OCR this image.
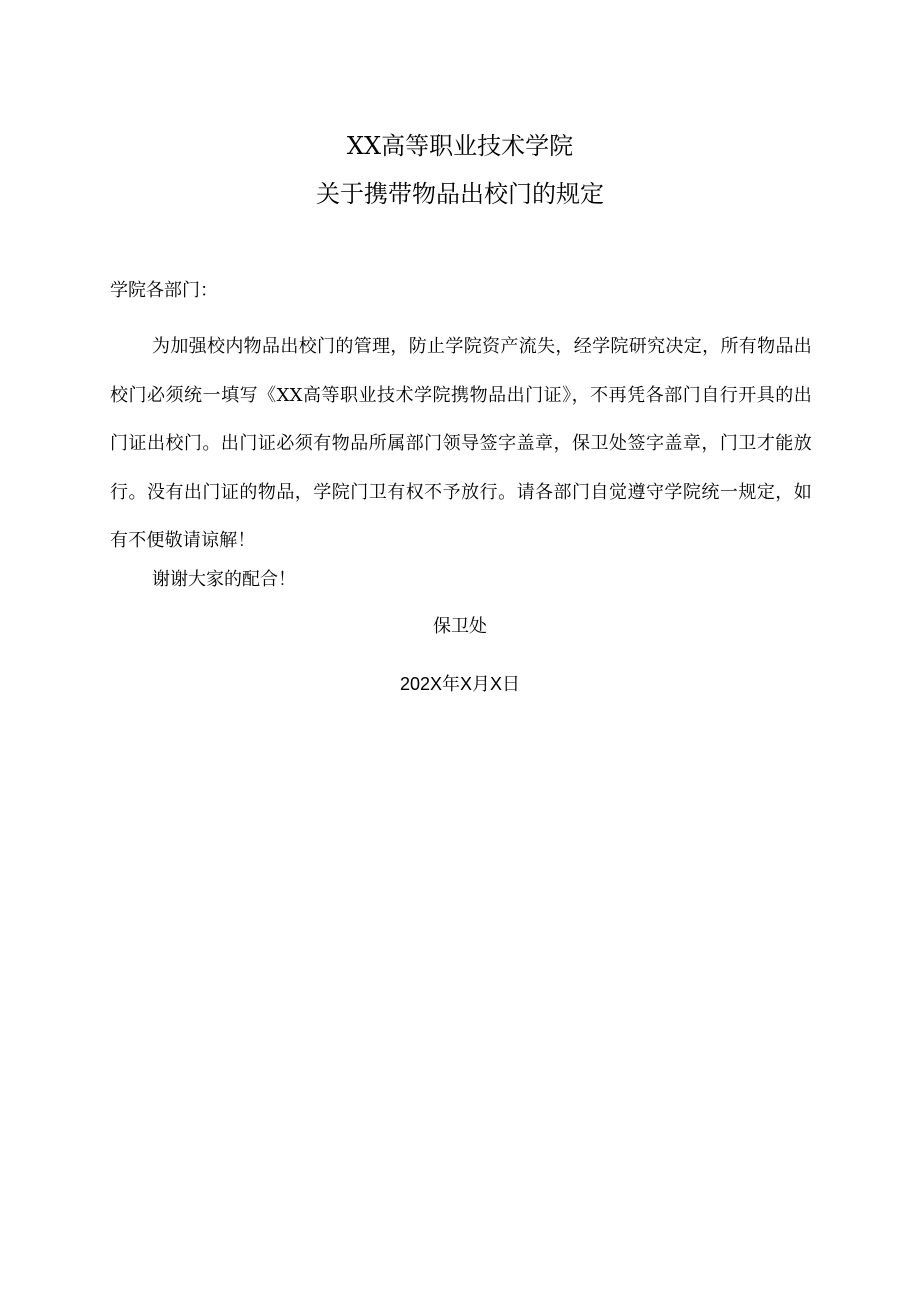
XX高等职业技术学院
关于携带物品出校门的规定
学院各部门：
为加强校内物品出校门的管理，防止学院资产流失，经学院研究决定，所有物品出校门必须统一填写《XX高等职业技术学院携物品出门证》，不再凭各部门自行开具的出门证出校门。出门证必须有物品所属部门领导签字盖章，保卫处签字盖章，门卫才能放行。没有出门证的物品，学院门卫有权不予放行。请各部门自觉遵守学院统一规定，如有不便敬请谅解！
谢谢大家的配合！
保卫处
202X年X月X日
